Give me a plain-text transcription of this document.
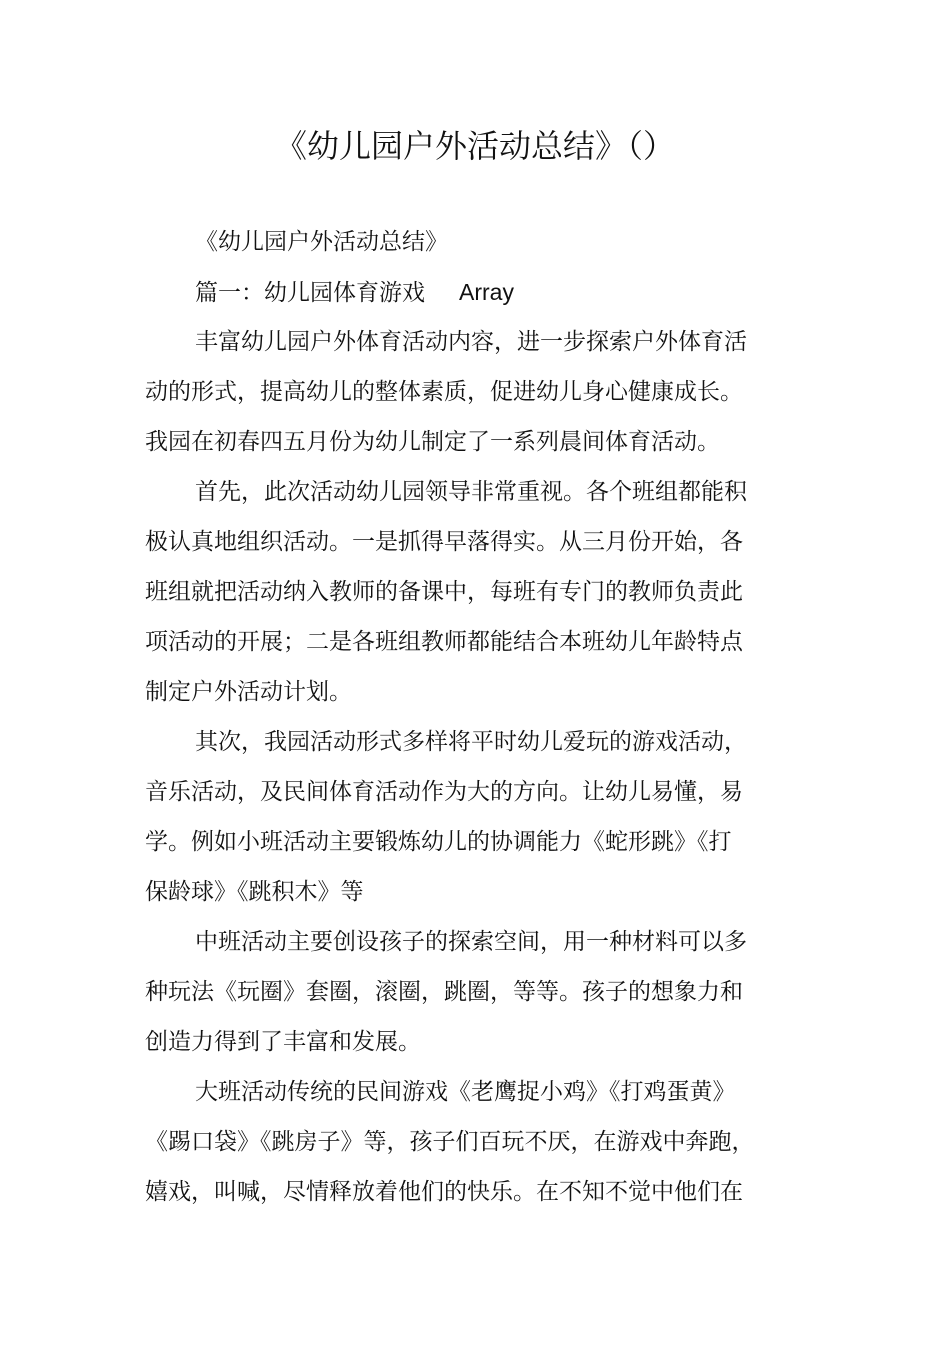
《幼儿园户外活动总结》（）
《幼儿园户外活动总结》
篇一：幼儿园体育游戏 Array
丰富幼儿园户外体育活动内容，进一步探索户外体育活
动的形式，提高幼儿的整体素质，促进幼儿身心健康成长。
我园在初春四五月份为幼儿制定了一系列晨间体育活动。
首先，此次活动幼儿园领导非常重视。各个班组都能积
极认真地组织活动。一是抓得早落得实。从三月份开始，各
班组就把活动纳入教师的备课中，每班有专门的教师负责此
项活动的开展；二是各班组教师都能结合本班幼儿年龄特点
制定户外活动计划。
其次，我园活动形式多样将平时幼儿爱玩的游戏活动，
音乐活动，及民间体育活动作为大的方向。让幼儿易懂，易
学。例如小班活动主要锻炼幼儿的协调能力《蛇形跳》《打
保龄球》《跳积木》等
中班活动主要创设孩子的探索空间，用一种材料可以多
种玩法《玩圈》套圈，滚圈，跳圈，等等。孩子的想象力和
创造力得到了丰富和发展。
大班活动传统的民间游戏《老鹰捉小鸡》《打鸡蛋黄》
《踢口袋》《跳房子》等，孩子们百玩不厌，在游戏中奔跑，
嬉戏，叫喊，尽情释放着他们的快乐。在不知不觉中他们在
